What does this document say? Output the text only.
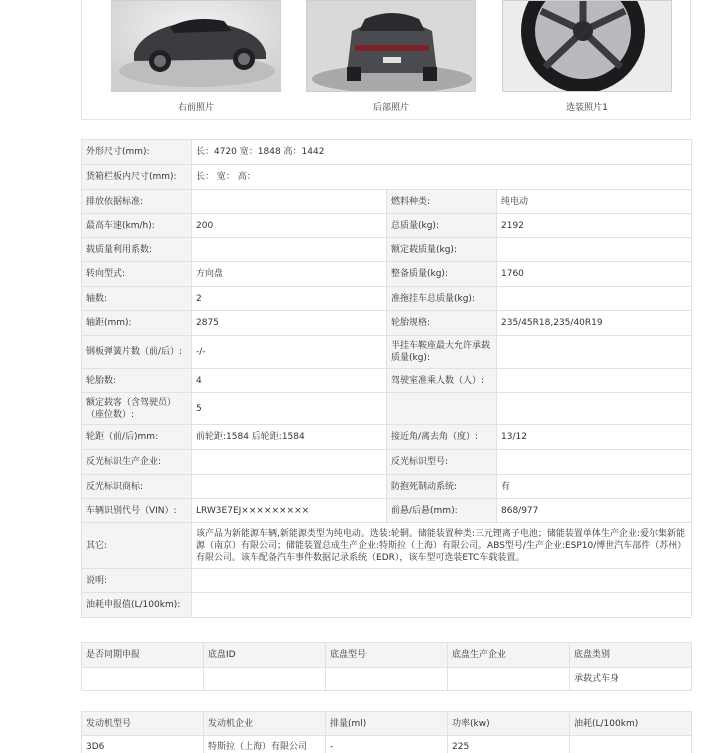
右前照片	后部照片	选装照片1
外形尺寸(mm):	长：4720 宽：1848 高：1442		
货箱栏板内尺寸(mm):	长： 宽： 高：		
排放依据标准:		燃料种类:	纯电动
最高车速(km/h):	200	总质量(kg):	2192
载质量利用系数:		额定载质量(kg):	
转向型式:	方向盘	整备质量(kg):	1760
轴数:	2	准拖挂车总质量(kg):	
轴距(mm):	2875	轮胎规格:	235/45R18,235/40R19
钢板弹簧片数（前/后）:	-/-	半挂车鞍座最大允许承载质量(kg):	
轮胎数:	4	驾驶室准乘人数（人）:	
额定载客（含驾驶员）（座位数）:	5		
轮距（前/后)mm:	前轮距:1584 后轮距:1584	接近角/离去角（度）:	13/12
反光标识生产企业:		反光标识型号:	
反光标识商标:		防抱死制动系统:	有
车辆识别代号（VIN）:	LRW3E7EJ×××××××××	前悬/后悬(mm):	868/977
其它:	该产品为新能源车辆,新能源类型为纯电动。选装:轮辋。储能装置种类:三元锂离子电池；储能装置单体生产企业:爱尔集新能源（南京）有限公司；储能装置总成生产企业:特斯拉（上海）有限公司。ABS型号/生产企业:ESP10/博世汽车部件（苏州）有限公司。该车配备汽车事件数据记录系统（EDR），该车型可选装ETC车载装置。		
说明:			
油耗申报值(L/100km):			
是否同期申报	底盘ID	底盘型号	底盘生产企业	底盘类别
				承载式车身
发动机型号	发动机企业	排量(ml)	功率(kw)	油耗(L/100km)
3D6	特斯拉（上海）有限公司	-	225	
